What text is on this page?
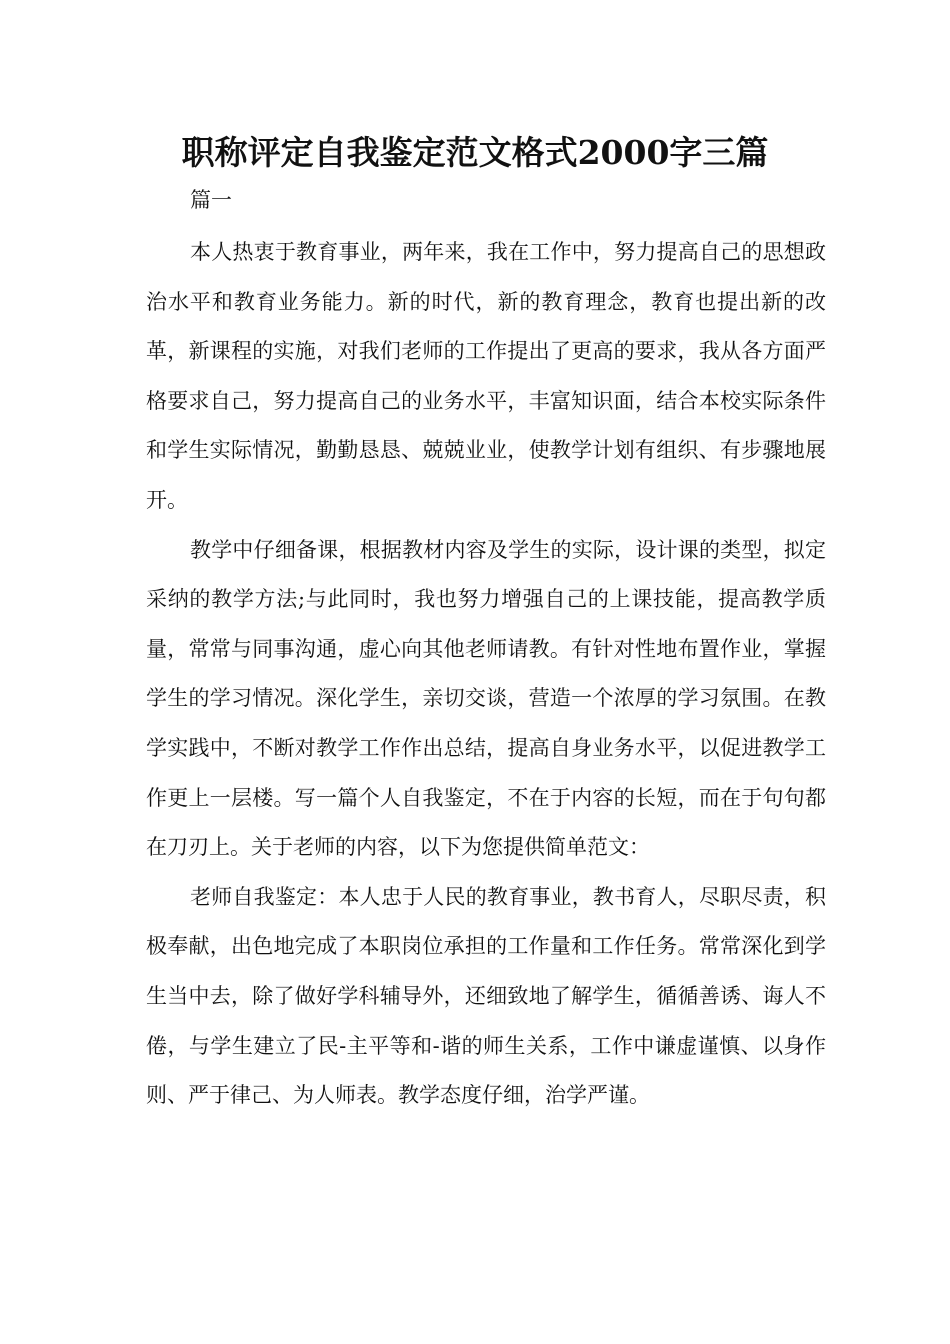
职称评定自我鉴定范文格式2000字三篇

篇一

本人热衷于教育事业，两年来，我在工作中，努力提高自己的思想政治水平和教育业务能力。新的时代，新的教育理念，教育也提出新的改革，新课程的实施，对我们老师的工作提出了更高的要求，我从各方面严格要求自己，努力提高自己的业务水平，丰富知识面，结合本校实际条件和学生实际情况，勤勤恳恳、兢兢业业，使教学计划有组织、有步骤地展开。

教学中仔细备课，根据教材内容及学生的实际，设计课的类型，拟定采纳的教学方法;与此同时，我也努力增强自己的上课技能，提高教学质量，常常与同事沟通，虚心向其他老师请教。有针对性地布置作业，掌握学生的学习情况。深化学生，亲切交谈，营造一个浓厚的学习氛围。在教学实践中，不断对教学工作作出总结，提高自身业务水平，以促进教学工作更上一层楼。写一篇个人自我鉴定，不在于内容的长短，而在于句句都在刀刃上。关于老师的内容，以下为您提供简单范文：

老师自我鉴定：本人忠于人民的教育事业，教书育人，尽职尽责，积极奉献，出色地完成了本职岗位承担的工作量和工作任务。常常深化到学生当中去，除了做好学科辅导外，还细致地了解学生，循循善诱、诲人不倦，与学生建立了民-主平等和-谐的师生关系，工作中谦虚谨慎、以身作则、严于律己、为人师表。教学态度仔细，治学严谨。
